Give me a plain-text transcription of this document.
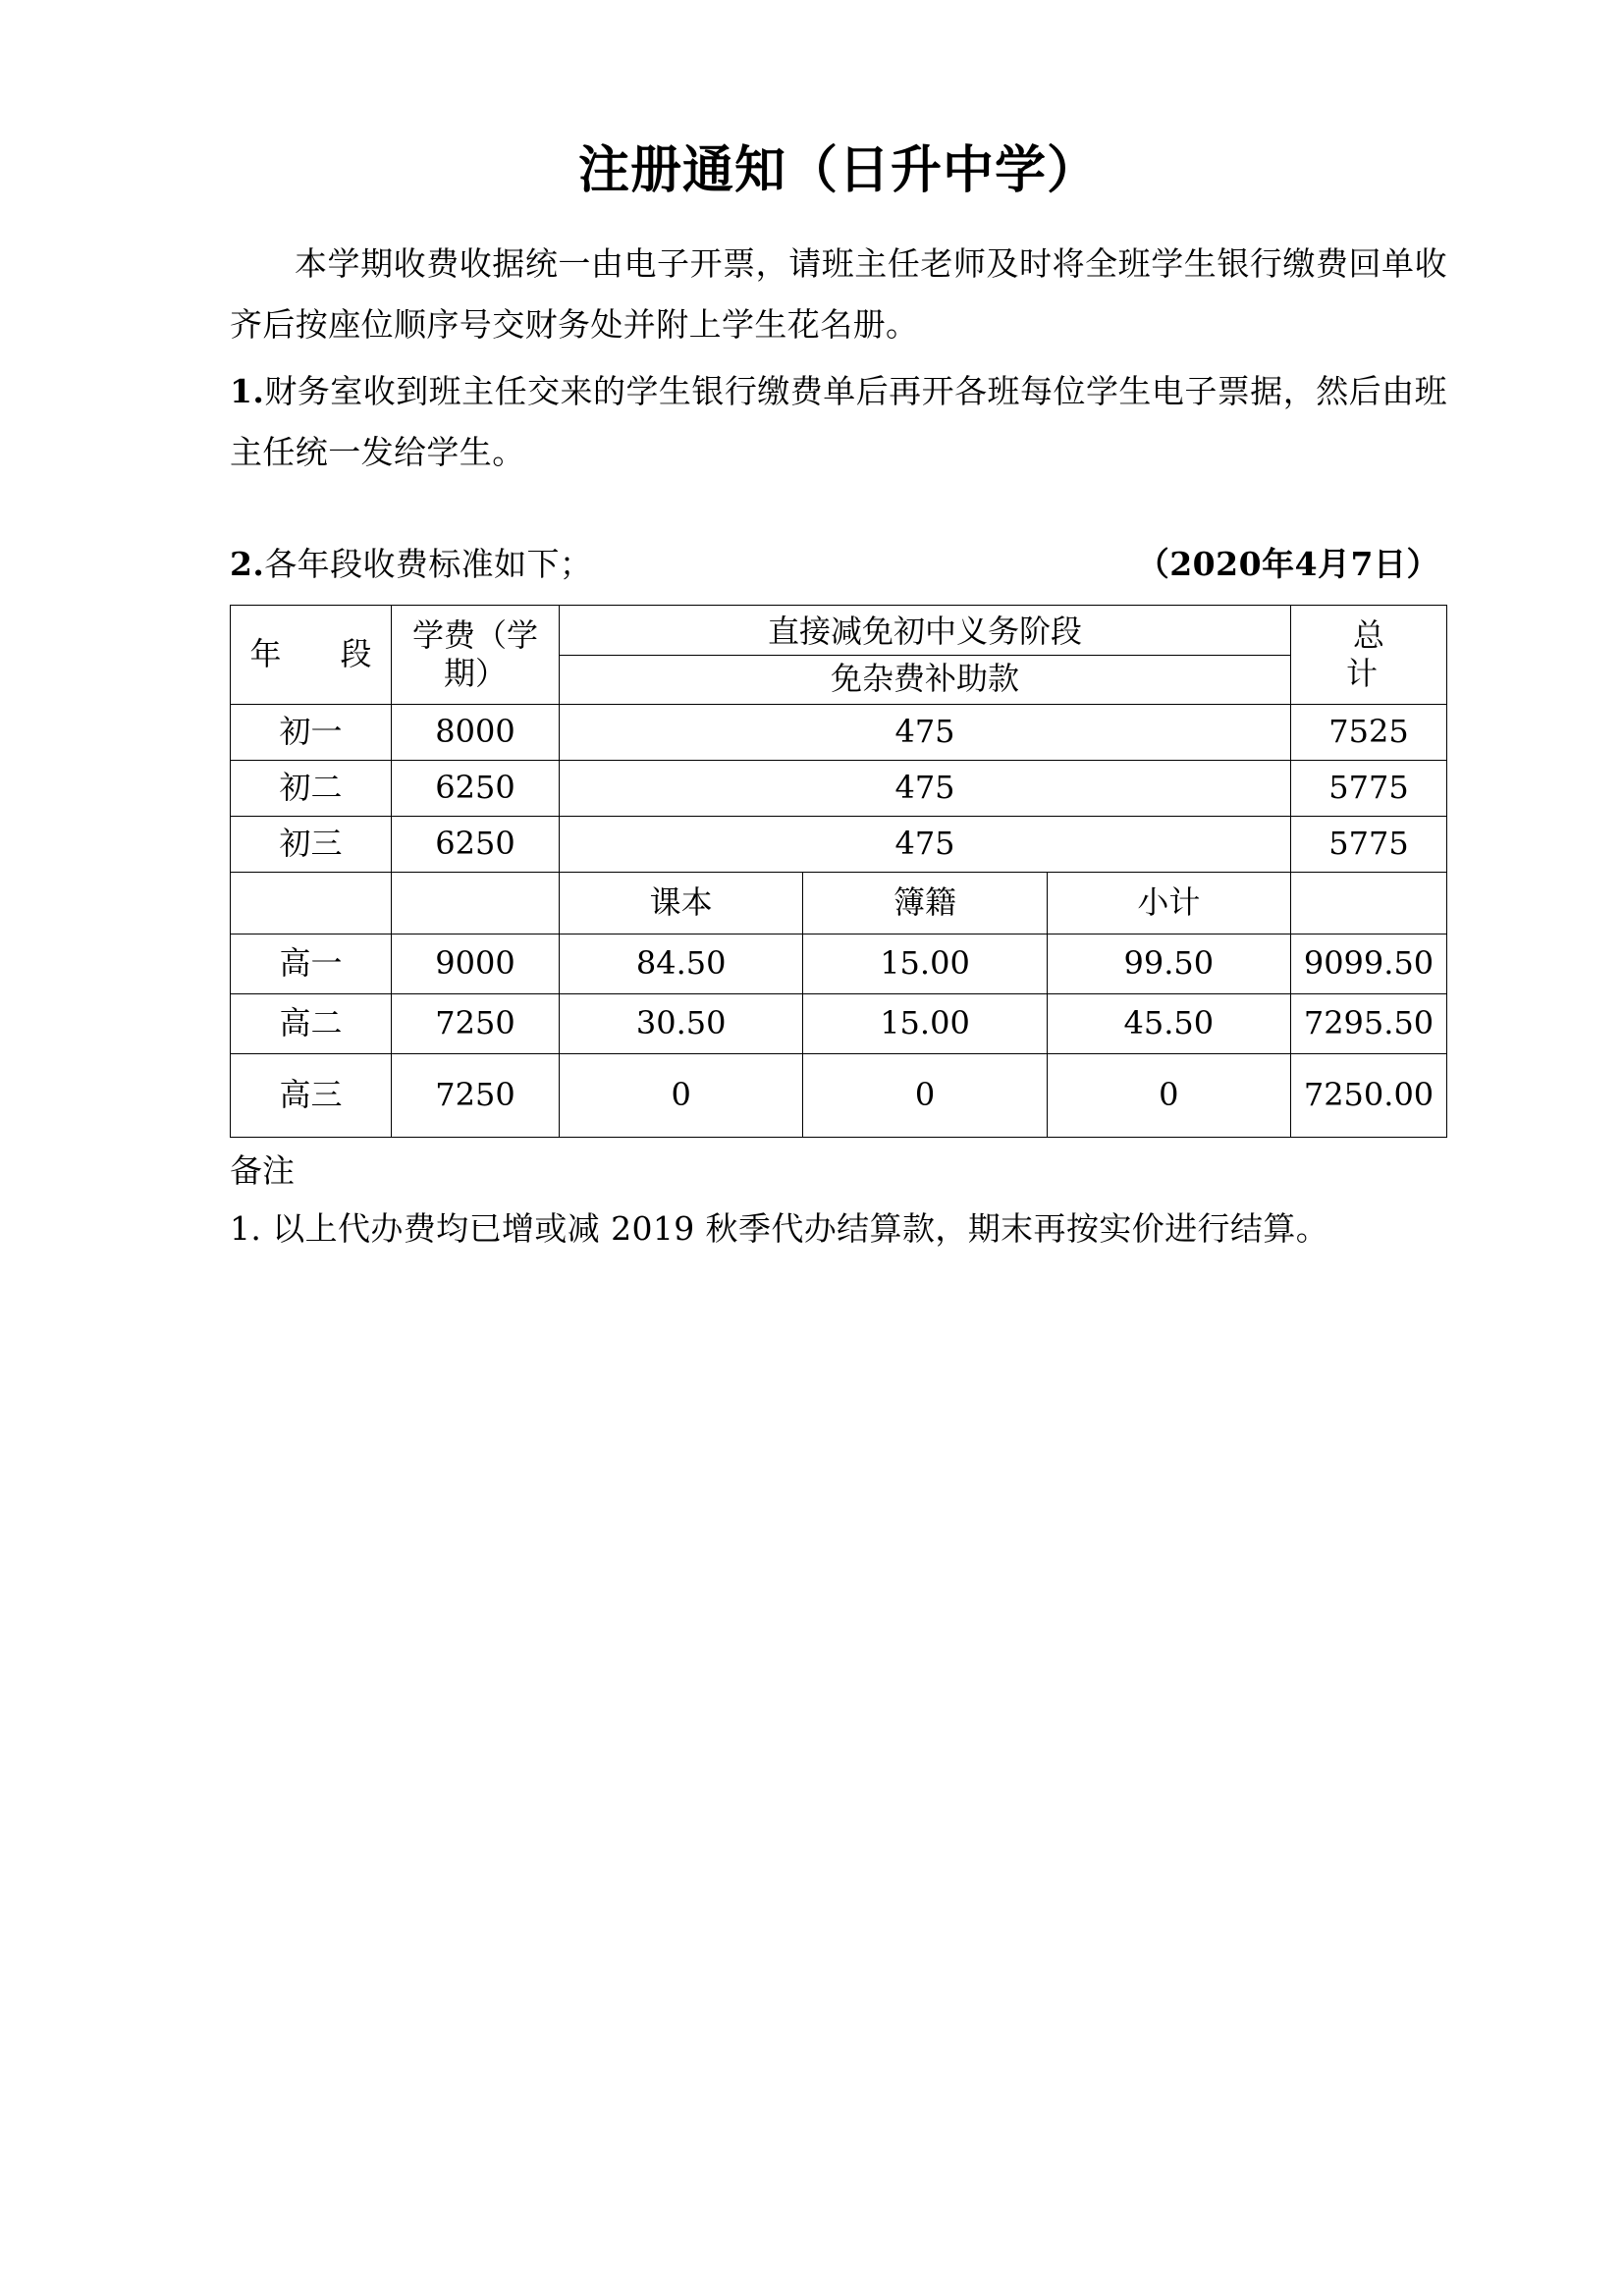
注册通知（日升中学）

本学期收费收据统一由电子开票，请班主任老师及时将全班学生银行缴费回单收齐后按座位顺序号交财务处并附上学生花名册。

1.财务室收到班主任交来的学生银行缴费单后再开各班每位学生电子票据，然后由班主任统一发给学生。

2.各年段收费标准如下；	（2020年4月7日）
年　段	学费（学期）	直接减免初中义务阶段
免杂费补助款			总　计
初一	8000	475			7525
初二	6250	475			5775
初三	6250	475			5775
		课本	簿籍	小计	
高一	9000	84.50	15.00	99.50	9099.50
高二	7250	30.50	15.00	45.50	7295.50
高三	7250	0	0	0	7250.00

备注

1. 以上代办费均已增或减 2019 秋季代办结算款，期末再按实价进行结算。
